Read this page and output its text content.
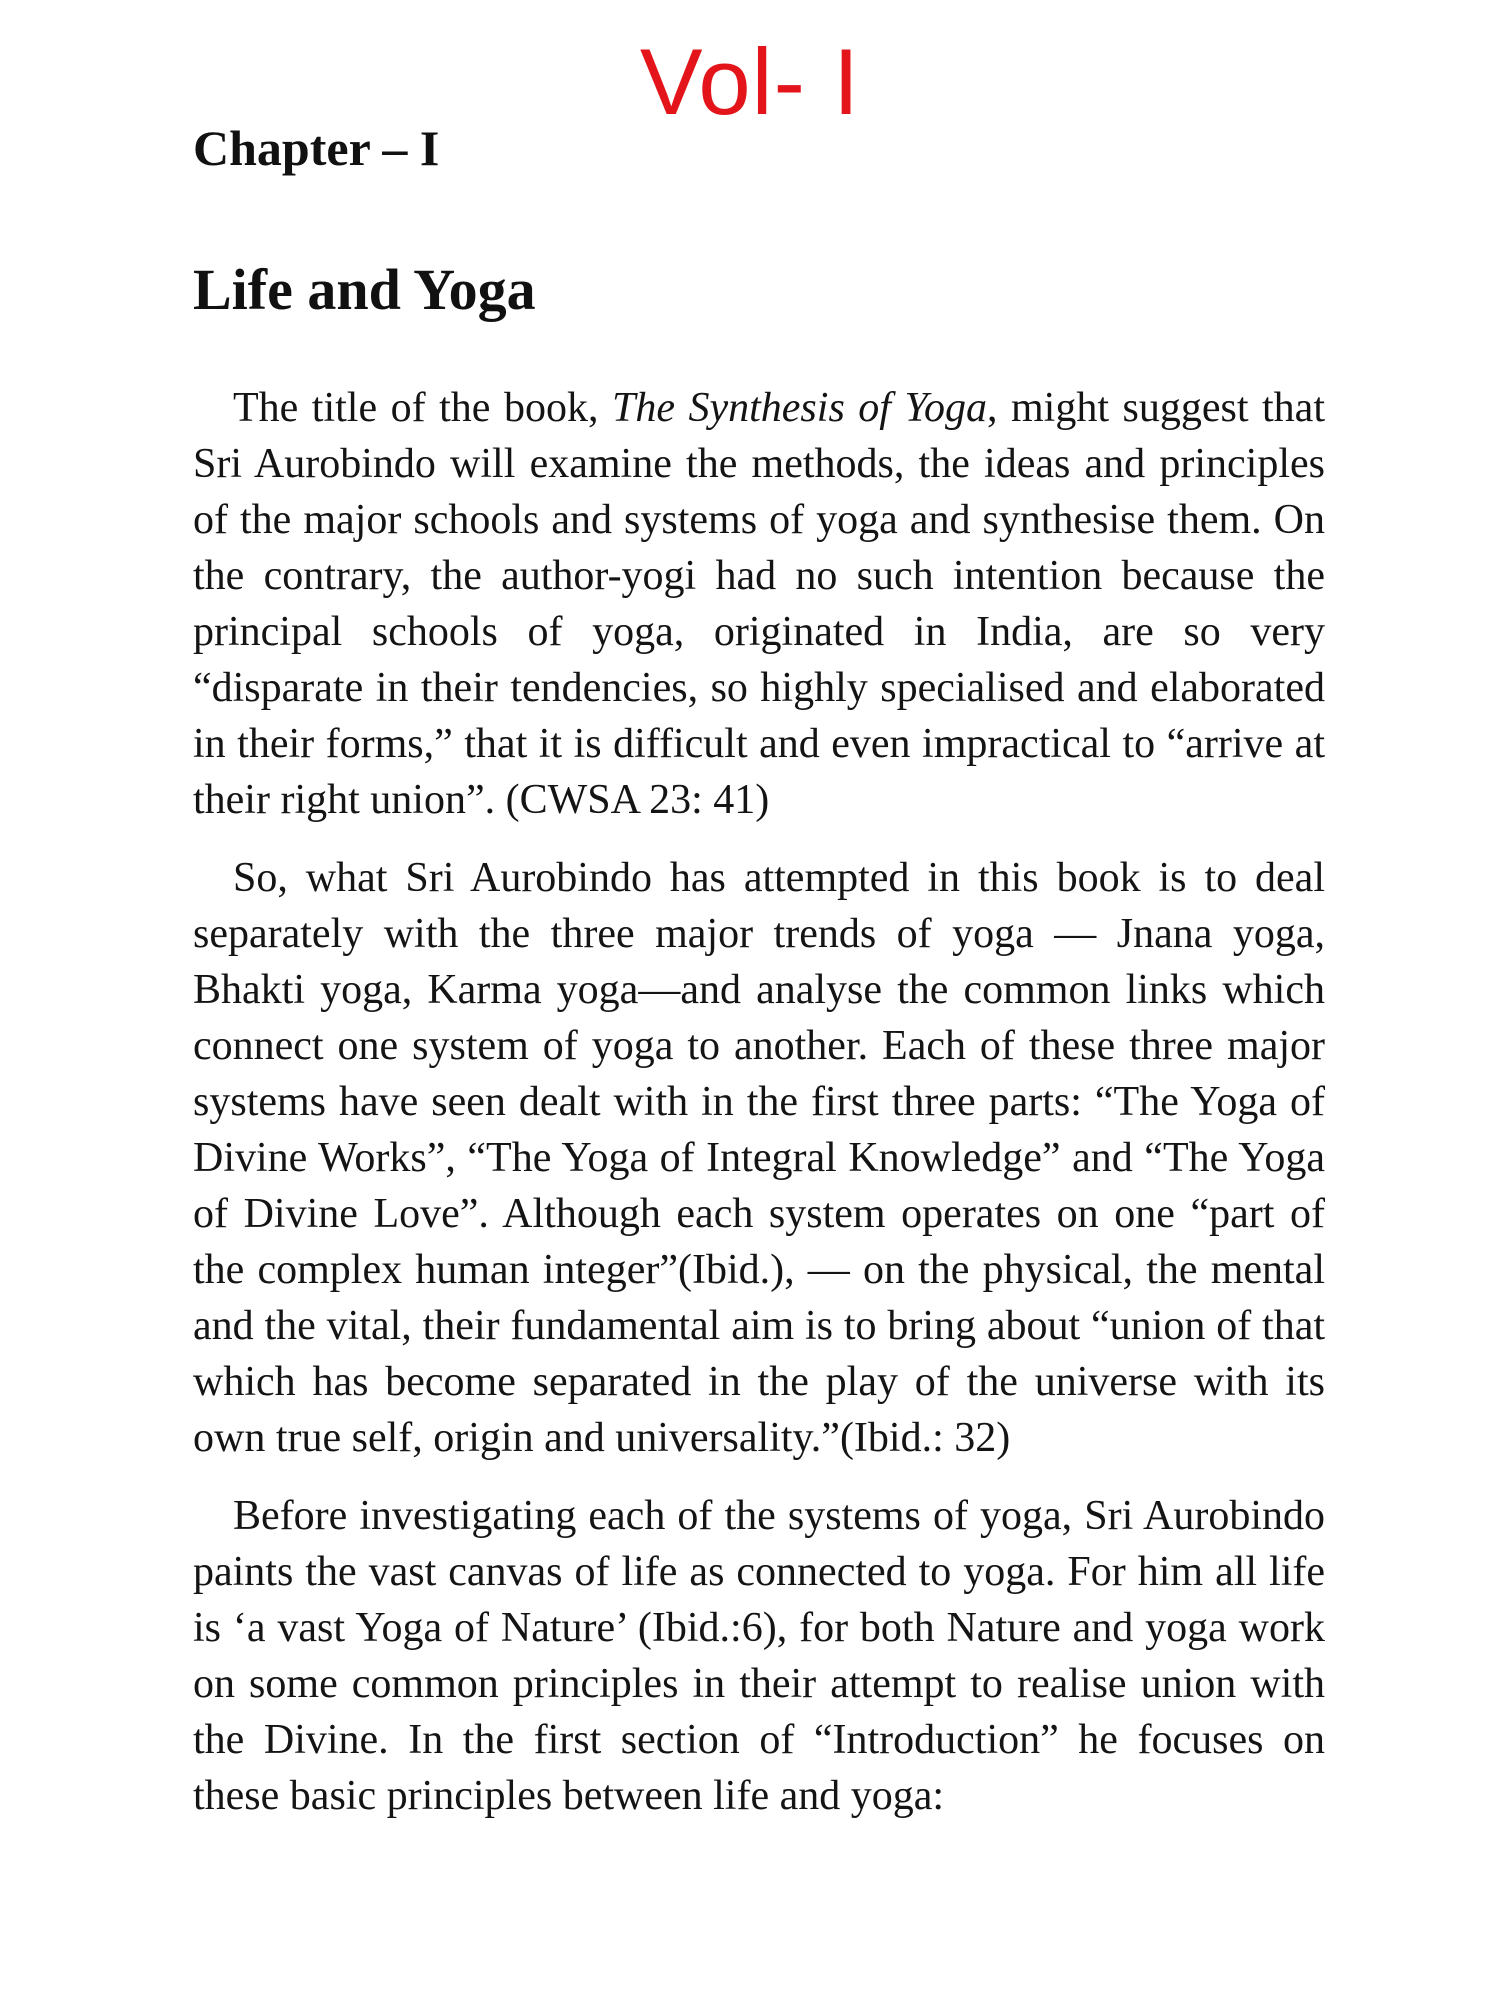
Vol- I
Chapter – I
Life and Yoga

The title of the book, The Synthesis of Yoga, might suggest that Sri Aurobindo will examine the methods, the ideas and principles of the major schools and systems of yoga and synthesise them. On the contrary, the author-yogi had no such intention because the principal schools of yoga, originated in India, are so very “disparate in their tendencies, so highly specialised and elaborated in their forms,” that it is difficult and even impractical to “arrive at their right union”. (CWSA 23: 41)

So, what Sri Aurobindo has attempted in this book is to deal separately with the three major trends of yoga — Jnana yoga, Bhakti yoga, Karma yoga—and analyse the common links which connect one system of yoga to another. Each of these three major systems have seen dealt with in the first three parts: “The Yoga of Divine Works”, “The Yoga of Integral Knowledge” and “The Yoga of Divine Love”. Although each system operates on one “part of the complex human integer”(Ibid.), — on the physical, the mental and the vital, their fundamental aim is to bring about “union of that which has become separated in the play of the universe with its own true self, origin and universality.”(Ibid.: 32)

Before investigating each of the systems of yoga, Sri Aurobindo paints the vast canvas of life as connected to yoga. For him all life is ‘a vast Yoga of Nature’ (Ibid.:6), for both Nature and yoga work on some common principles in their attempt to realise union with the Divine. In the first section of “Introduction” he focuses on these basic principles between life and yoga:
